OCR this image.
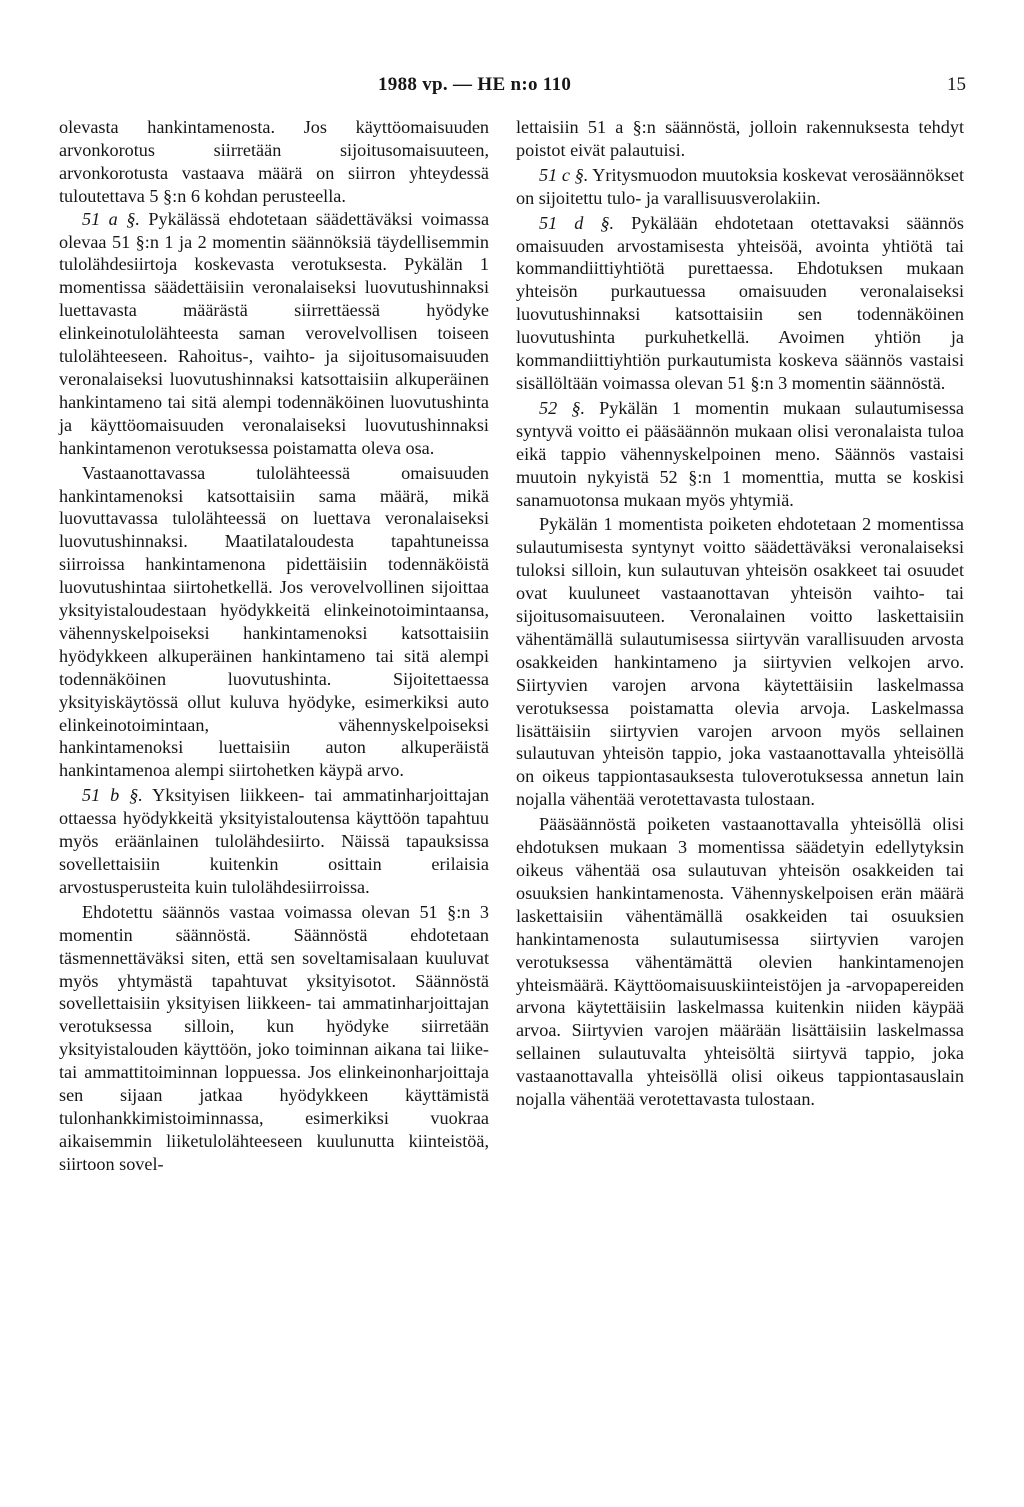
1988 vp. — HE n:o 110	15

olevasta hankintamenosta. Jos käyttöomaisuuden arvonkorotus siirretään sijoitusomaisuuteen, arvonkorotusta vastaava määrä on siirron yhteydessä tuloutettava 5 §:n 6 kohdan perusteella.

51 a §. Pykälässä ehdotetaan säädettäväksi voimassa olevaa 51 §:n 1 ja 2 momentin säännöksiä täydellisemmin tulolähdesiirtoja koskevasta verotuksesta. Pykälän 1 momentissa säädettäisiin veronalaiseksi luovutushinnaksi luettavasta määrästä siirrettäessä hyödyke elinkeinotulolähteesta saman verovelvollisen toiseen tulolähteeseen. Rahoitus-, vaihto- ja sijoitusomaisuuden veronalaiseksi luovutushinnaksi katsottaisiin alkuperäinen hankintameno tai sitä alempi todennäköinen luovutushinta ja käyttöomaisuuden veronalaiseksi luovutushinnaksi hankintamenon verotuksessa poistamatta oleva osa.

Vastaanottavassa tulolähteessä omaisuuden hankintamenoksi katsottaisiin sama määrä, mikä luovuttavassa tulolähteessä on luettava veronalaiseksi luovutushinnaksi. Maatilataloudesta tapahtuneissa siirroissa hankintamenona pidettäisiin todennäköistä luovutushintaa siirtohetkellä. Jos verovelvollinen sijoittaa yksityistaloudestaan hyödykkeitä elinkeinotoimintaansa, vähennyskelpoiseksi hankintamenoksi katsottaisiin hyödykkeen alkuperäinen hankintameno tai sitä alempi todennäköinen luovutushinta. Sijoitettaessa yksityiskäytössä ollut kuluva hyödyke, esimerkiksi auto elinkeinotoimintaan, vähennyskelpoiseksi hankintamenoksi luettaisiin auton alkuperäistä hankintamenoa alempi siirtohetken käypä arvo.

51 b §. Yksityisen liikkeen- tai ammatinharjoittajan ottaessa hyödykkeitä yksityistaloutensa käyttöön tapahtuu myös eräänlainen tulolähdesiirto. Näissä tapauksissa sovellettaisiin kuitenkin osittain erilaisia arvostusperusteita kuin tulolähdesiirroissa.

Ehdotettu säännös vastaa voimassa olevan 51 §:n 3 momentin säännöstä. Säännöstä ehdotetaan täsmennettäväksi siten, että sen soveltamisalaan kuuluvat myös yhtymästä tapahtuvat yksityisotot. Säännöstä sovellettaisiin yksityisen liikkeen- tai ammatinharjoittajan verotuksessa silloin, kun hyödyke siirretään yksityistalouden käyttöön, joko toiminnan aikana tai liike- tai ammattitoiminnan loppuessa. Jos elinkeinonharjoittaja sen sijaan jatkaa hyödykkeen käyttämistä tulonhankkimistoiminnassa, esimerkiksi vuokraa aikaisemmin liiketulolähteeseen kuulunutta kiinteistöä, siirtoon sovel-

lettaisiin 51 a §:n säännöstä, jolloin rakennuksesta tehdyt poistot eivät palautuisi.

51 c §. Yritysmuodon muutoksia koskevat verosäännökset on sijoitettu tulo- ja varallisuusverolakiin.

51 d §. Pykälään ehdotetaan otettavaksi säännös omaisuuden arvostamisesta yhteisöä, avointa yhtiötä tai kommandiittiyhtiötä purettaessa. Ehdotuksen mukaan yhteisön purkautuessa omaisuuden veronalaiseksi luovutushinnaksi katsottaisiin sen todennäköinen luovutushinta purkuhetkellä. Avoimen yhtiön ja kommandiittiyhtiön purkautumista koskeva säännös vastaisi sisällöltään voimassa olevan 51 §:n 3 momentin säännöstä.

52 §. Pykälän 1 momentin mukaan sulautumisessa syntyvä voitto ei pääsäännön mukaan olisi veronalaista tuloa eikä tappio vähennyskelpoinen meno. Säännös vastaisi muutoin nykyistä 52 §:n 1 momenttia, mutta se koskisi sanamuotonsa mukaan myös yhtymiä.

Pykälän 1 momentista poiketen ehdotetaan 2 momentissa sulautumisesta syntynyt voitto säädettäväksi veronalaiseksi tuloksi silloin, kun sulautuvan yhteisön osakkeet tai osuudet ovat kuuluneet vastaanottavan yhteisön vaihto- tai sijoitusomaisuuteen. Veronalainen voitto laskettaisiin vähentämällä sulautumisessa siirtyvän varallisuuden arvosta osakkeiden hankintameno ja siirtyvien velkojen arvo. Siirtyvien varojen arvona käytettäisiin laskelmassa verotuksessa poistamatta olevia arvoja. Laskelmassa lisättäisiin siirtyvien varojen arvoon myös sellainen sulautuvan yhteisön tappio, joka vastaanottavalla yhteisöllä on oikeus tappiontasauksesta tuloverotuksessa annetun lain nojalla vähentää verotettavasta tulostaan.

Pääsäännöstä poiketen vastaanottavalla yhteisöllä olisi ehdotuksen mukaan 3 momentissa säädetyin edellytyksin oikeus vähentää osa sulautuvan yhteisön osakkeiden tai osuuksien hankintamenosta. Vähennyskelpoisen erän määrä laskettaisiin vähentämällä osakkeiden tai osuuksien hankintamenosta sulautumisessa siirtyvien varojen verotuksessa vähentämättä olevien hankintamenojen yhteismäärä. Käyttöomaisuuskiinteistöjen ja -arvopapereiden arvona käytettäisiin laskelmassa kuitenkin niiden käypää arvoa. Siirtyvien varojen määrään lisättäisiin laskelmassa sellainen sulautuvalta yhteisöltä siirtyvä tappio, joka vastaanottavalla yhteisöllä olisi oikeus tappiontasauslain nojalla vähentää verotettavasta tulostaan.
